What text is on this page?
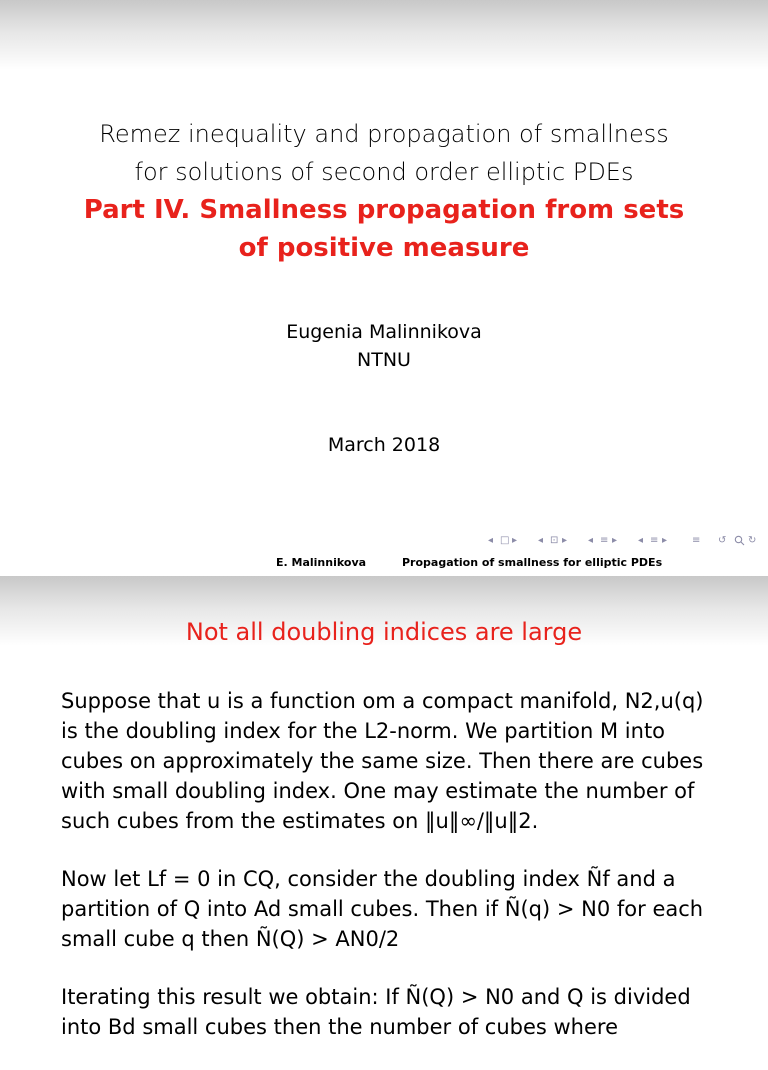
Remez inequality and propagation of smallness
for solutions of second order elliptic PDEs
Part IV. Smallness propagation from sets
of positive measure
Eugenia Malinnikova
NTNU
March 2018
◂ □ ▸ ◂ ⊡ ▸ ◂ ≡ ▸ ◂ ≡ ▸ ≡ ↺ ↻
E. Malinnikova	Propagation of smallness for elliptic PDEs
Not all doubling indices are large

Suppose that u is a function om a compact manifold, N2,u(q) is the doubling index for the L2-norm. We partition M into cubes on approximately the same size. Then there are cubes with small doubling index. One may estimate the number of such cubes from the estimates on ‖u‖∞/‖u‖2.

Now let Lf = 0 in CQ, consider the doubling index Ñf and a partition of Q into Ad small cubes. Then if Ñ(q) > N0 for each small cube q then Ñ(Q) > AN0/2

Iterating this result we obtain: If Ñ(Q) > N0 and Q is divided into Bd small cubes then the number of cubes where
